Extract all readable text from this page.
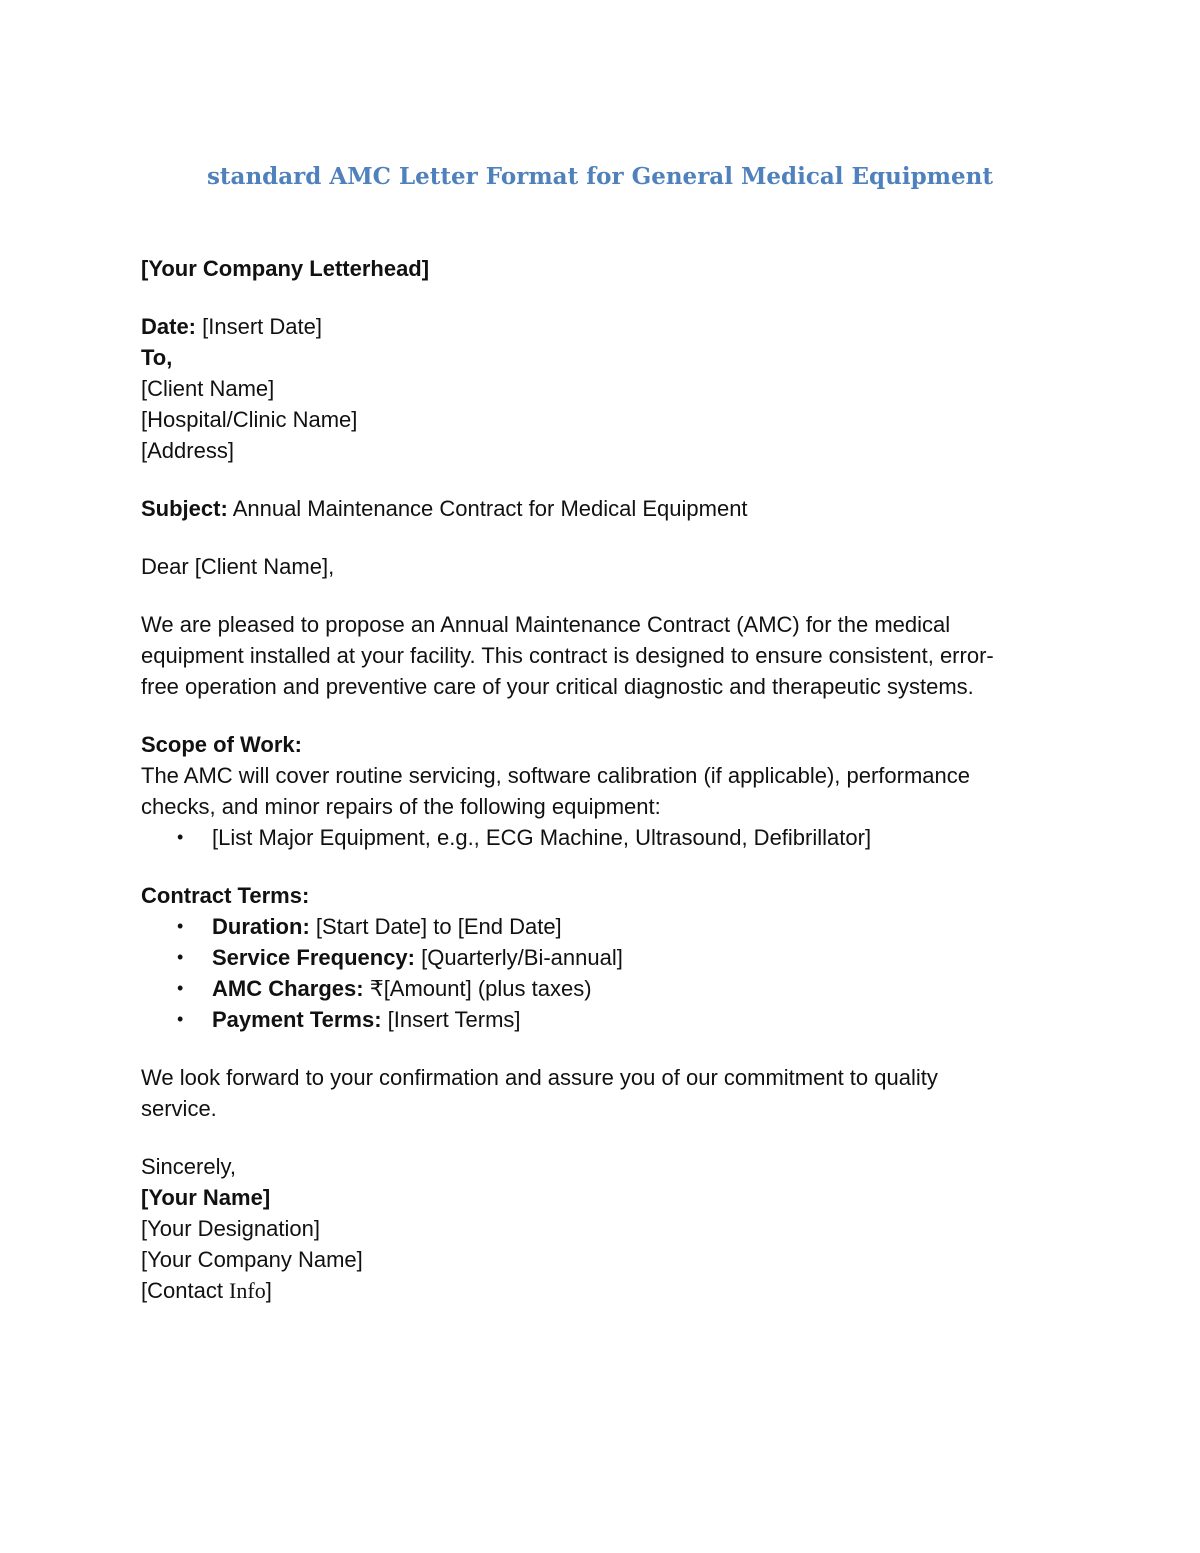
standard AMC Letter Format for General Medical Equipment
[Your Company Letterhead]
Date: [Insert Date]
To,
[Client Name]
[Hospital/Clinic Name]
[Address]
Subject: Annual Maintenance Contract for Medical Equipment
Dear [Client Name],
We are pleased to propose an Annual Maintenance Contract (AMC) for the medical
equipment installed at your facility. This contract is designed to ensure consistent, error-
free operation and preventive care of your critical diagnostic and therapeutic systems.
Scope of Work:
The AMC will cover routine servicing, software calibration (if applicable), performance
checks, and minor repairs of the following equipment:
• [List Major Equipment, e.g., ECG Machine, Ultrasound, Defibrillator]
Contract Terms:
• Duration: [Start Date] to [End Date]
• Service Frequency: [Quarterly/Bi-annual]
• AMC Charges: ₹[Amount] (plus taxes)
• Payment Terms: [Insert Terms]
We look forward to your confirmation and assure you of our commitment to quality
service.
Sincerely,
[Your Name]
[Your Designation]
[Your Company Name]
[Contact Info]
